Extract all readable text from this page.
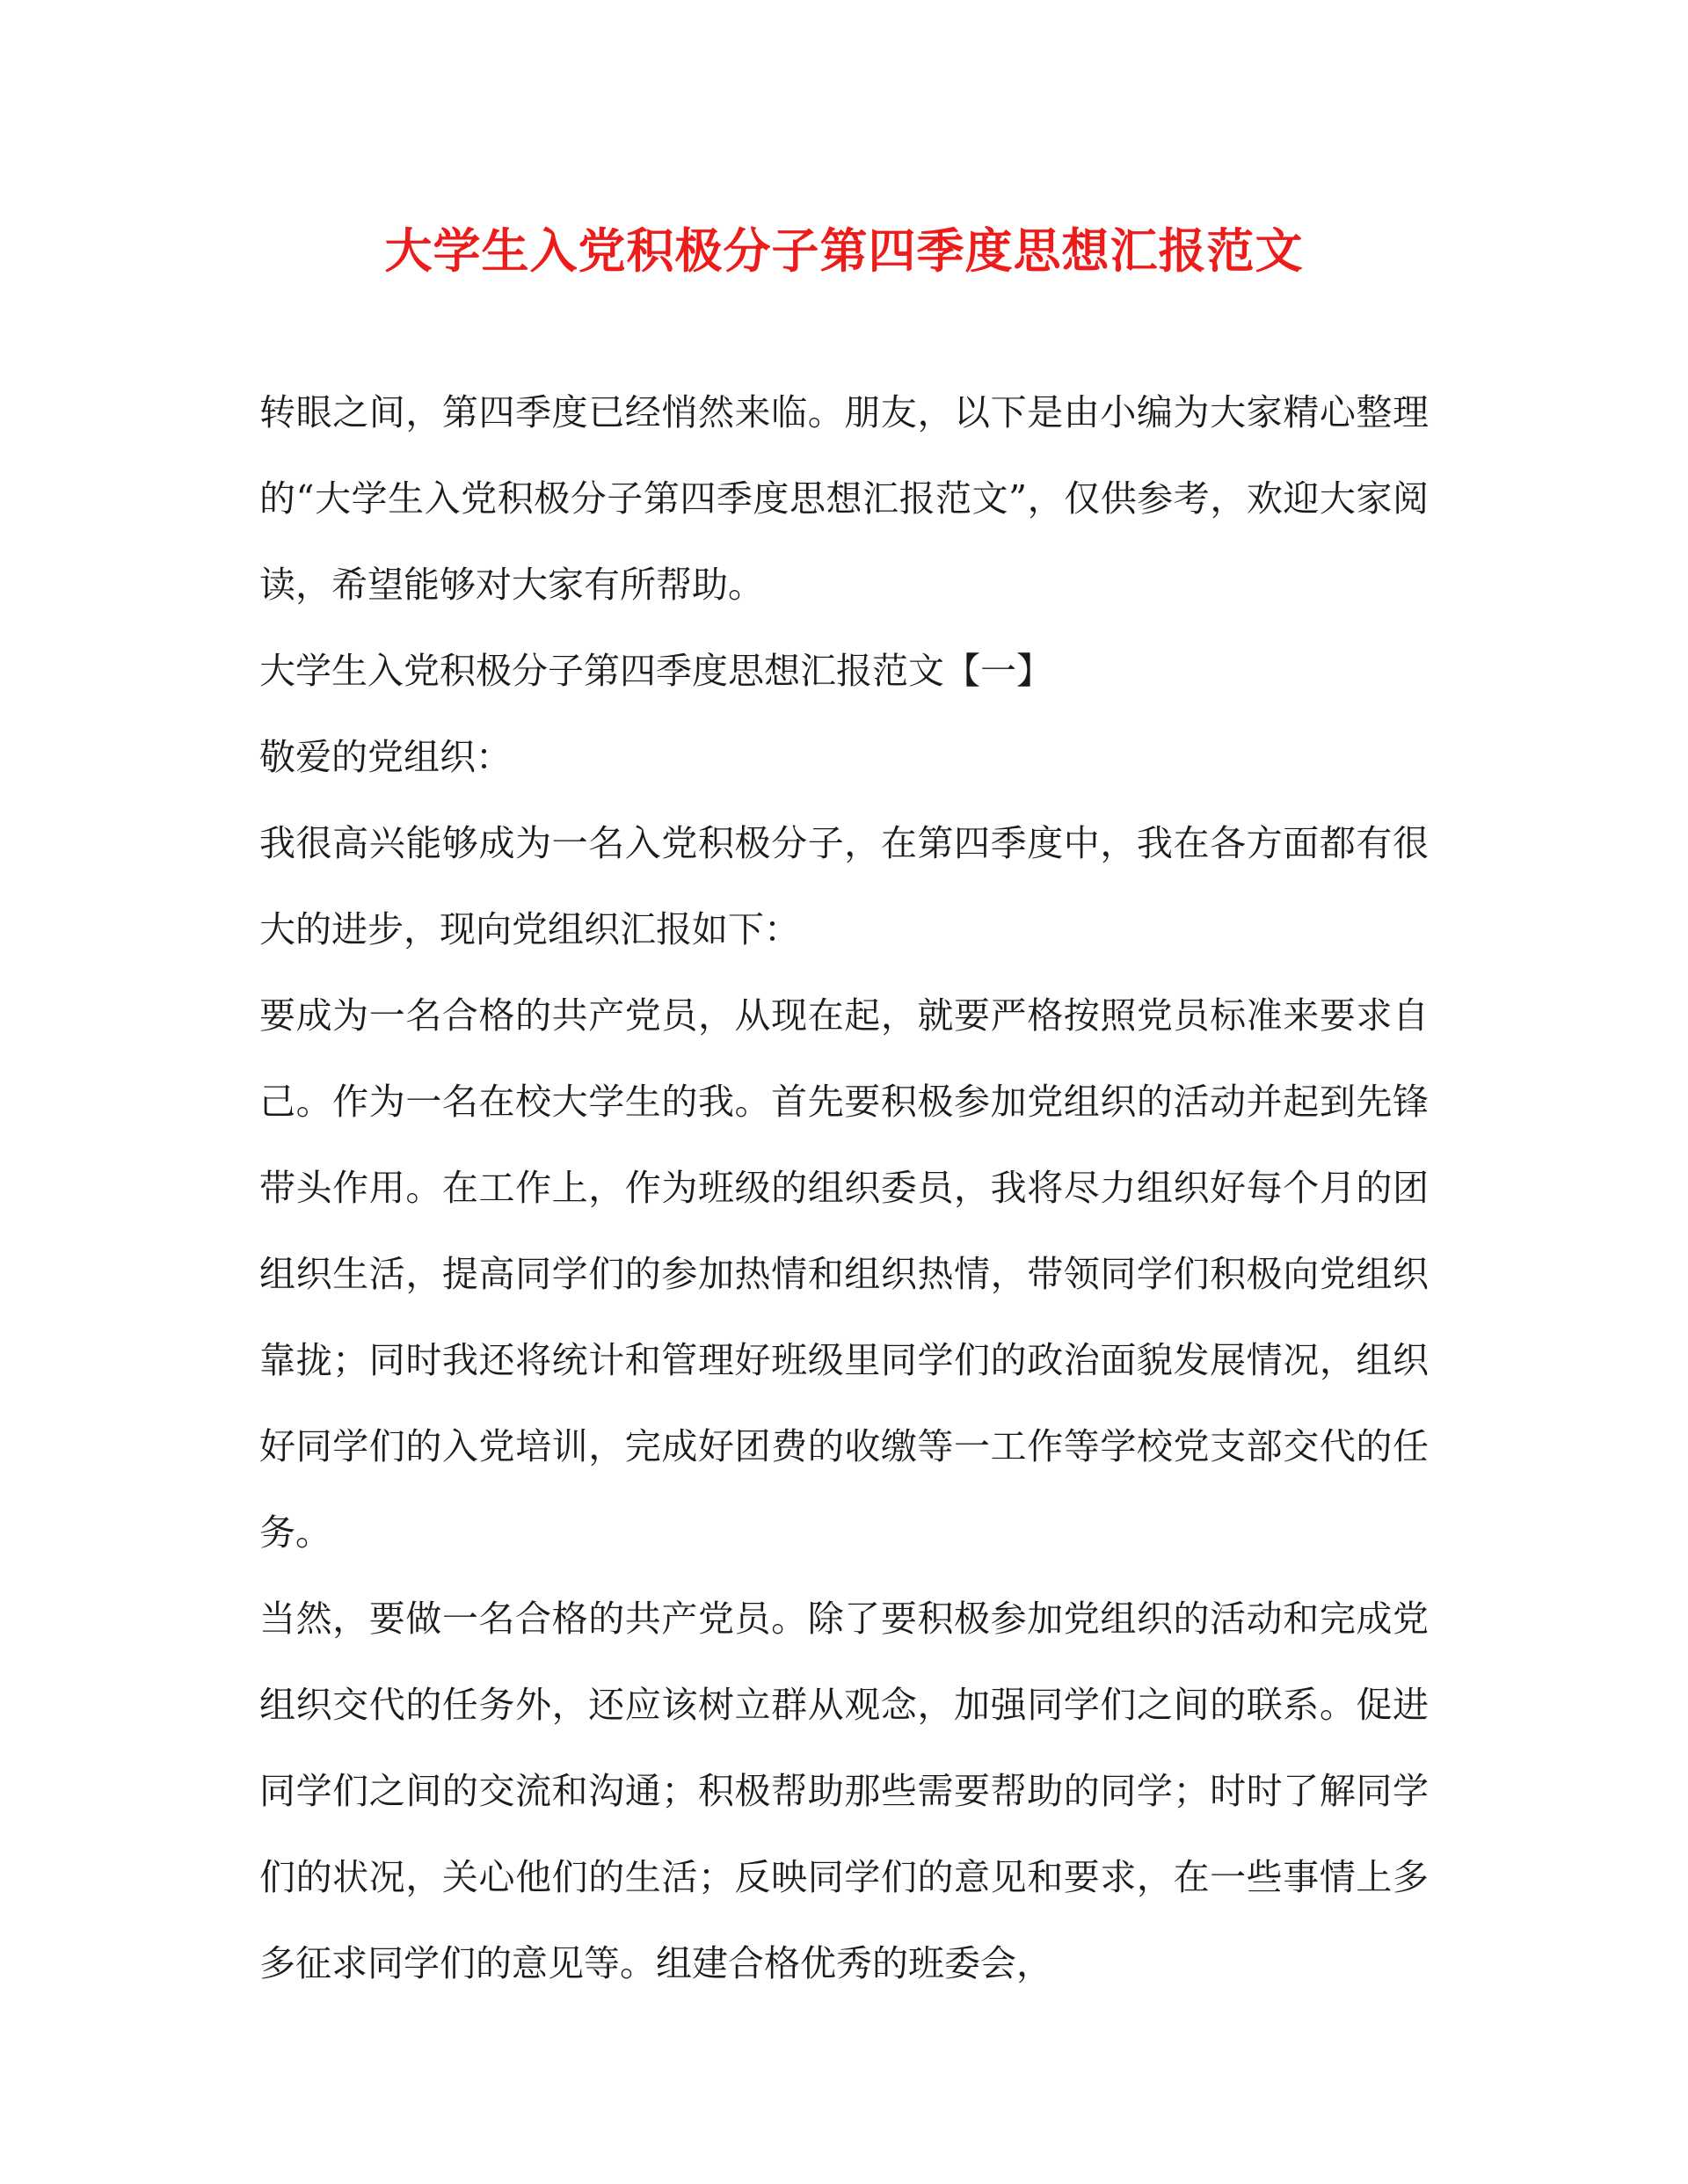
大学生入党积极分子第四季度思想汇报范文

转眼之间，第四季度已经悄然来临。朋友，以下是由小编为大家精心整理的“大学生入党积极分子第四季度思想汇报范文”，仅供参考，欢迎大家阅读，希望能够对大家有所帮助。

大学生入党积极分子第四季度思想汇报范文【一】

敬爱的党组织：

我很高兴能够成为一名入党积极分子，在第四季度中，我在各方面都有很大的进步，现向党组织汇报如下：

要成为一名合格的共产党员，从现在起，就要严格按照党员标准来要求自己。作为一名在校大学生的我。首先要积极参加党组织的活动并起到先锋带头作用。在工作上，作为班级的组织委员，我将尽力组织好每个月的团组织生活，提高同学们的参加热情和组织热情，带领同学们积极向党组织靠拢；同时我还将统计和管理好班级里同学们的政治面貌发展情况，组织好同学们的入党培训，完成好团费的收缴等一工作等学校党支部交代的任务。

当然，要做一名合格的共产党员。除了要积极参加党组织的活动和完成党组织交代的任务外，还应该树立群从观念，加强同学们之间的联系。促进同学们之间的交流和沟通；积极帮助那些需要帮助的同学；时时了解同学们的状况，关心他们的生活；反映同学们的意见和要求，在一些事情上多多征求同学们的意见等。组建合格优秀的班委会，
